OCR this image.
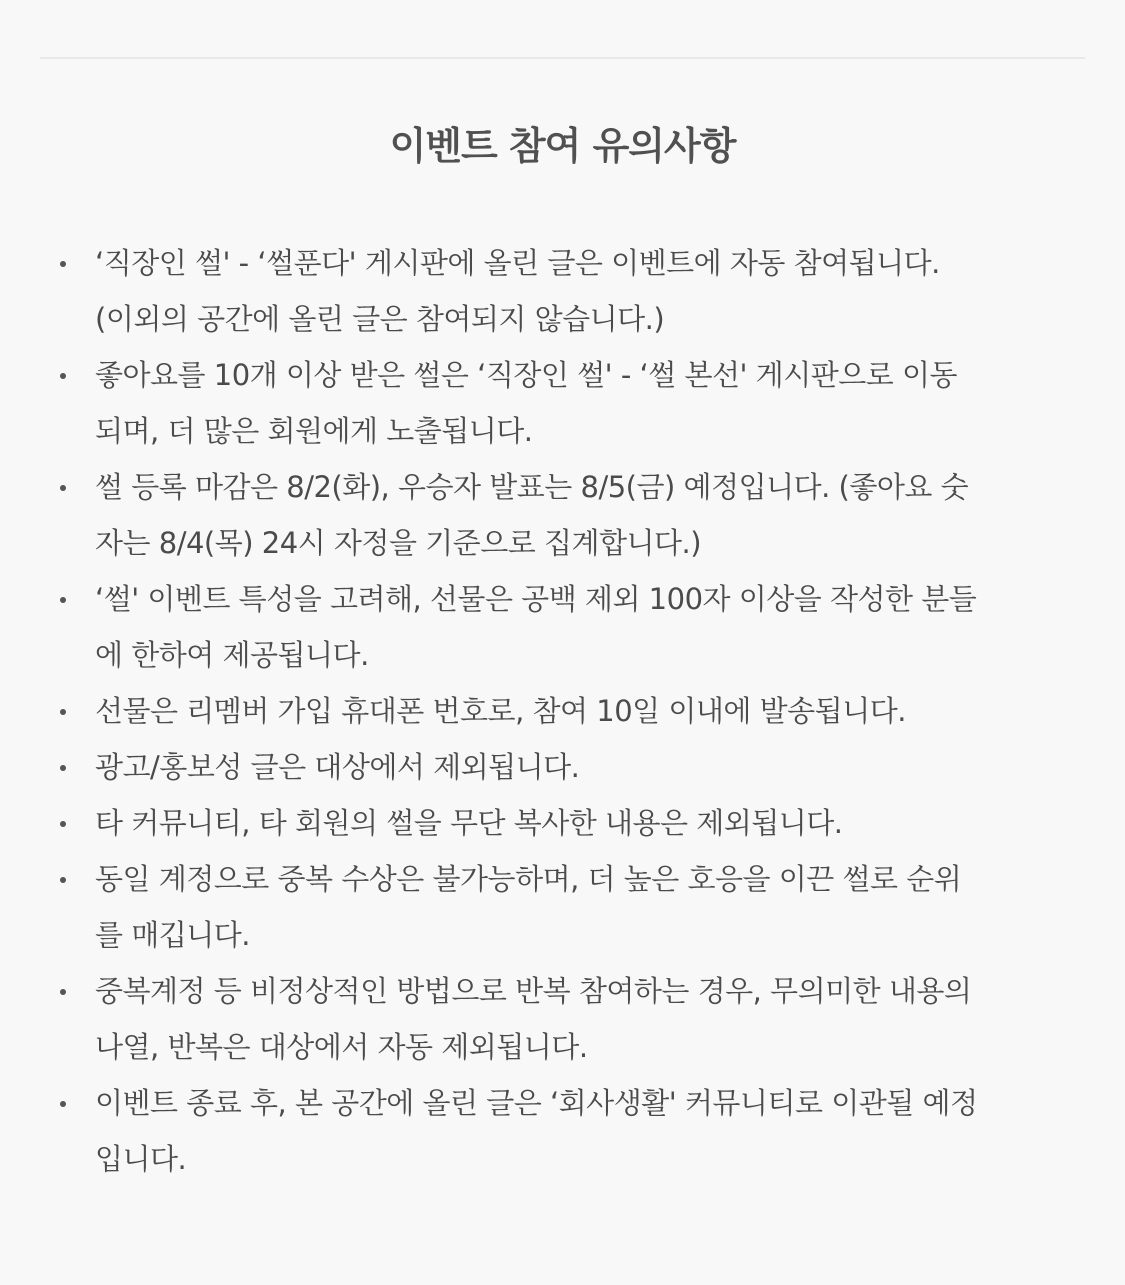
이벤트 참여 유의사항
‘직장인 썰' - ‘썰푼다' 게시판에 올린 글은 이벤트에 자동 참여됩니다.
(이외의 공간에 올린 글은 참여되지 않습니다.)
좋아요를 10개 이상 받은 썰은 ‘직장인 썰' - ‘썰 본선' 게시판으로 이동
되며, 더 많은 회원에게 노출됩니다.
썰 등록 마감은 8/2(화), 우승자 발표는 8/5(금) 예정입니다. (좋아요 숫
자는 8/4(목) 24시 자정을 기준으로 집계합니다.)
‘썰' 이벤트 특성을 고려해, 선물은 공백 제외 100자 이상을 작성한 분들
에 한하여 제공됩니다.
선물은 리멤버 가입 휴대폰 번호로, 참여 10일 이내에 발송됩니다.
광고/홍보성 글은 대상에서 제외됩니다.
타 커뮤니티, 타 회원의 썰을 무단 복사한 내용은 제외됩니다.
동일 계정으로 중복 수상은 불가능하며, 더 높은 호응을 이끈 썰로 순위
를 매깁니다.
중복계정 등 비정상적인 방법으로 반복 참여하는 경우, 무의미한 내용의
나열, 반복은 대상에서 자동 제외됩니다.
이벤트 종료 후, 본 공간에 올린 글은 ‘회사생활' 커뮤니티로 이관될 예정
입니다.
